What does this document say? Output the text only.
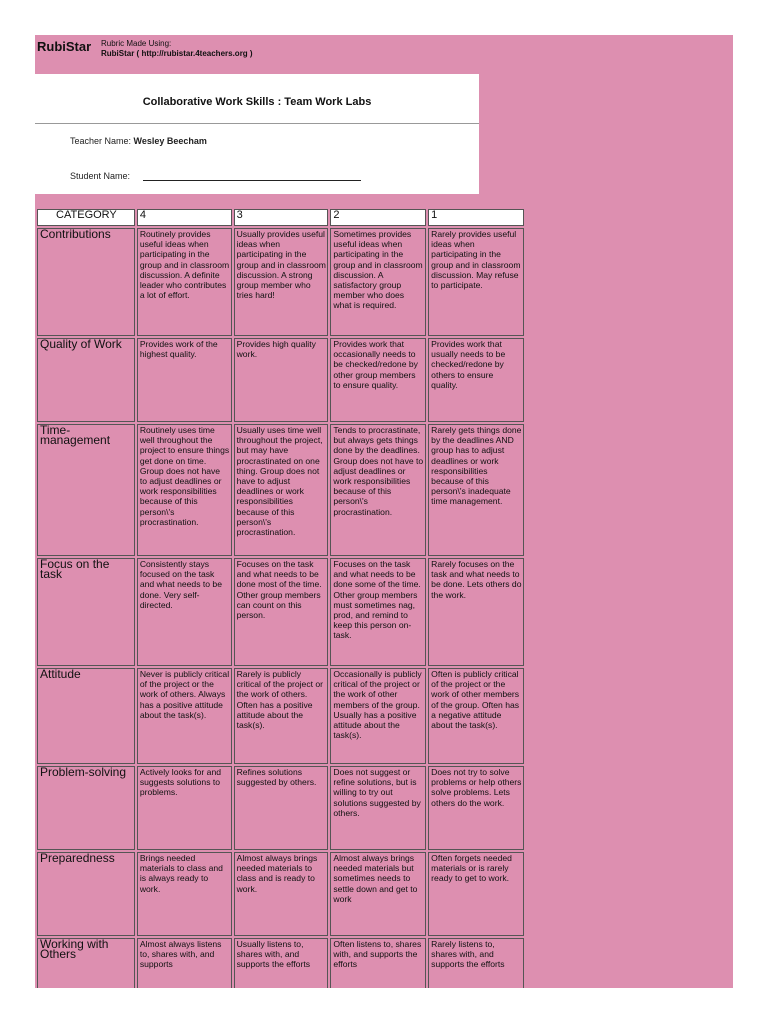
RubiStar Rubric Made Using:
RubiStar ( http://rubistar.4teachers.org )
Collaborative Work Skills : Team Work Labs
Teacher Name: Wesley Beecham
Student Name:
CATEGORY	4	3	2	1
Contributions	Routinely provides useful ideas when participating in the group and in classroom discussion. A definite leader who contributes a lot of effort.	Usually provides useful ideas when participating in the group and in classroom discussion. A strong group member who tries hard!	Sometimes provides useful ideas when participating in the group and in classroom discussion. A satisfactory group member who does what is required.	Rarely provides useful ideas when participating in the group and in classroom discussion. May refuse to participate.
Quality of Work	Provides work of the highest quality.	Provides high quality work.	Provides work that occasionally needs to be checked/redone by other group members to ensure quality.	Provides work that usually needs to be checked/redone by others to ensure quality.
Time-management	Routinely uses time well throughout the project to ensure things get done on time. Group does not have to adjust deadlines or work responsibilities because of this person\'s procrastination.	Usually uses time well throughout the project, but may have procrastinated on one thing. Group does not have to adjust deadlines or work responsibilities because of this person\'s procrastination.	Tends to procrastinate, but always gets things done by the deadlines. Group does not have to adjust deadlines or work responsibilities because of this person\'s procrastination.	Rarely gets things done by the deadlines AND group has to adjust deadlines or work responsibilities because of this person\'s inadequate time management.
Focus on the task	Consistently stays focused on the task and what needs to be done. Very self-directed.	Focuses on the task and what needs to be done most of the time. Other group members can count on this person.	Focuses on the task and what needs to be done some of the time. Other group members must sometimes nag, prod, and remind to keep this person on-task.	Rarely focuses on the task and what needs to be done. Lets others do the work.
Attitude	Never is publicly critical of the project or the work of others. Always has a positive attitude about the task(s).	Rarely is publicly critical of the project or the work of others. Often has a positive attitude about the task(s).	Occasionally is publicly critical of the project or the work of other members of the group. Usually has a positive attitude about the task(s).	Often is publicly critical of the project or the work of other members of the group. Often has a negative attitude about the task(s).
Problem-solving	Actively looks for and suggests solutions to problems.	Refines solutions suggested by others.	Does not suggest or refine solutions, but is willing to try out solutions suggested by others.	Does not try to solve problems or help others solve problems. Lets others do the work.
Preparedness	Brings needed materials to class and is always ready to work.	Almost always brings needed materials to class and is ready to work.	Almost always brings needed materials but sometimes needs to settle down and get to work	Often forgets needed materials or is rarely ready to get to work.
Working with Others	Almost always listens to, shares with, and supports	Usually listens to, shares with, and supports the efforts	Often listens to, shares with, and supports the efforts	Rarely listens to, shares with, and supports the efforts
